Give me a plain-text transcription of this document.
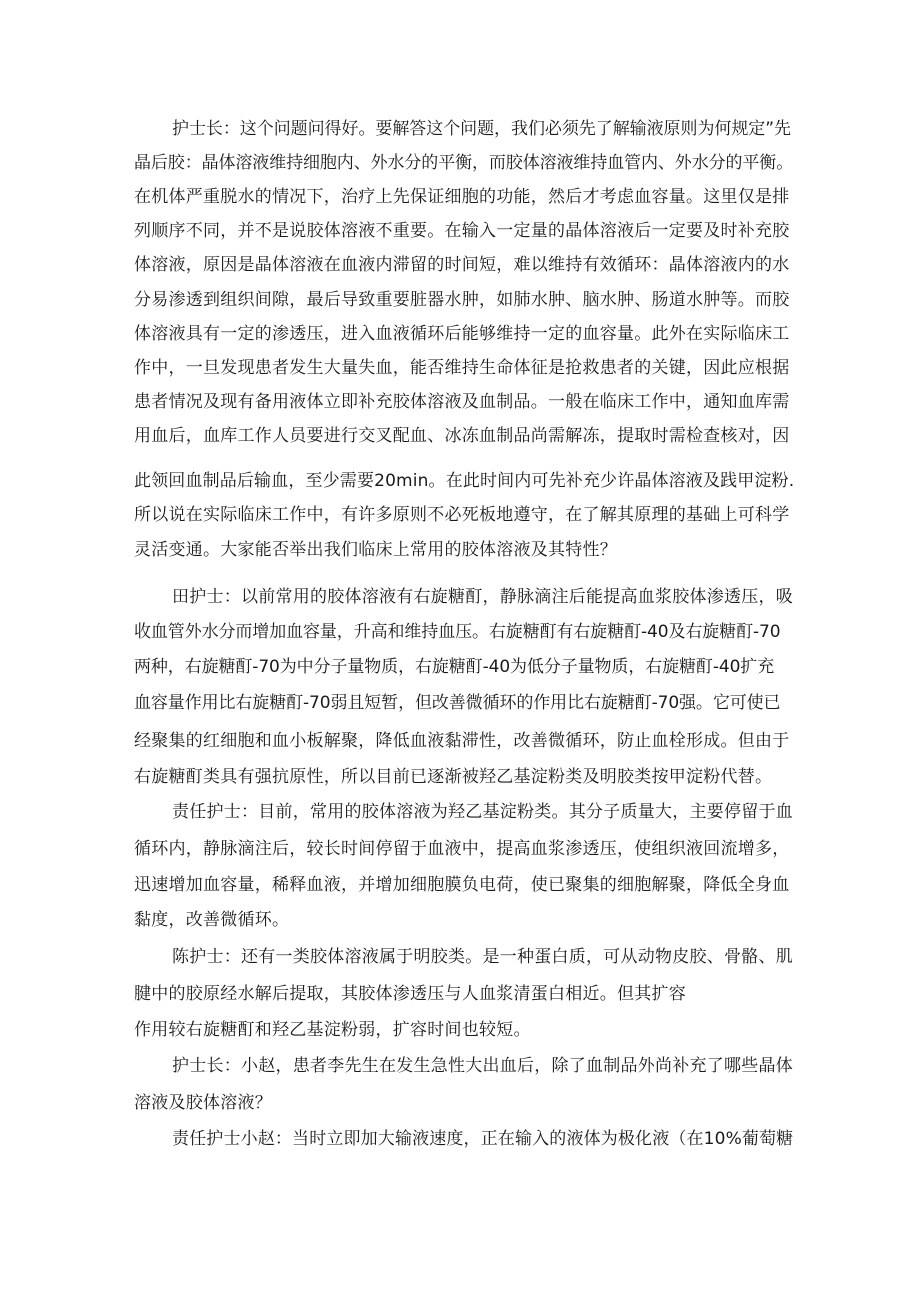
护士长：这个问题问得好。要解答这个问题，我们必须先了解输液原则为何规定”先
晶后胶：晶体溶液维持细胞内、外水分的平衡，而胶体溶液维持血管内、外水分的平衡。
在机体严重脱水的情况下，治疗上先保证细胞的功能，然后才考虑血容量。这里仅是排
列顺序不同，并不是说胶体溶液不重要。在输入一定量的晶体溶液后一定要及时补充胶
体溶液，原因是晶体溶液在血液内滞留的时间短，难以维持有效循环：晶体溶液内的水
分易渗透到组织间隙，最后导致重要脏器水肿，如肺水肿、脑水肿、肠道水肿等。而胶
体溶液具有一定的渗透压，进入血液循环后能够维持一定的血容量。此外在实际临床工
作中，一旦发现患者发生大量失血，能否维持生命体征是抢救患者的关键，因此应根据
患者情况及现有备用液体立即补充胶体溶液及血制品。一般在临床工作中，通知血库需
用血后，血库工作人员要进行交叉配血、冰冻血制品尚需解冻，提取时需检查核对，因
此领回血制品后输血，至少需要20min。在此时间内可先补充少许晶体溶液及践甲淀粉.
所以说在实际临床工作中，有许多原则不必死板地遵守，在了解其原理的基础上可科学
灵活变通。大家能否举出我们临床上常用的胶体溶液及其特性？
田护士：以前常用的胶体溶液有右旋糖酊，静脉滴注后能提高血浆胶体渗透压，吸
收血管外水分而增加血容量，升高和维持血压。右旋糖酊有右旋糖酊-40及右旋糖酊-70
两种，右旋糖酊-70为中分子量物质，右旋糖酊-40为低分子量物质，右旋糖酊-40扩充
血容量作用比右旋糖酊-70弱且短暂，但改善微循环的作用比右旋糖酊-70强。它可使已
经聚集的红细胞和血小板解聚，降低血液黏滞性，改善微循环，防止血栓形成。但由于
右旋糖酊类具有强抗原性，所以目前已逐渐被羟乙基淀粉类及明胶类按甲淀粉代替。
责任护士：目前，常用的胶体溶液为羟乙基淀粉类。其分子质量大，主要停留于血
循环内，静脉滴注后，较长时间停留于血液中，提高血浆渗透压，使组织液回流增多，
迅速增加血容量，稀释血液，并增加细胞膜负电荷，使已聚集的细胞解聚，降低全身血
黏度，改善微循环。
陈护士：还有一类胶体溶液属于明胶类。是一种蛋白质，可从动物皮胶、骨骼、肌
腱中的胶原经水解后提取，其胶体渗透压与人血浆清蛋白相近。但其扩容
作用较右旋糖酊和羟乙基淀粉弱，扩容时间也较短。
护士长：小赵，患者李先生在发生急性大出血后，除了血制品外尚补充了哪些晶体
溶液及胶体溶液？
责任护士小赵：当时立即加大输液速度，正在输入的液体为极化液（在10%葡萄糖
